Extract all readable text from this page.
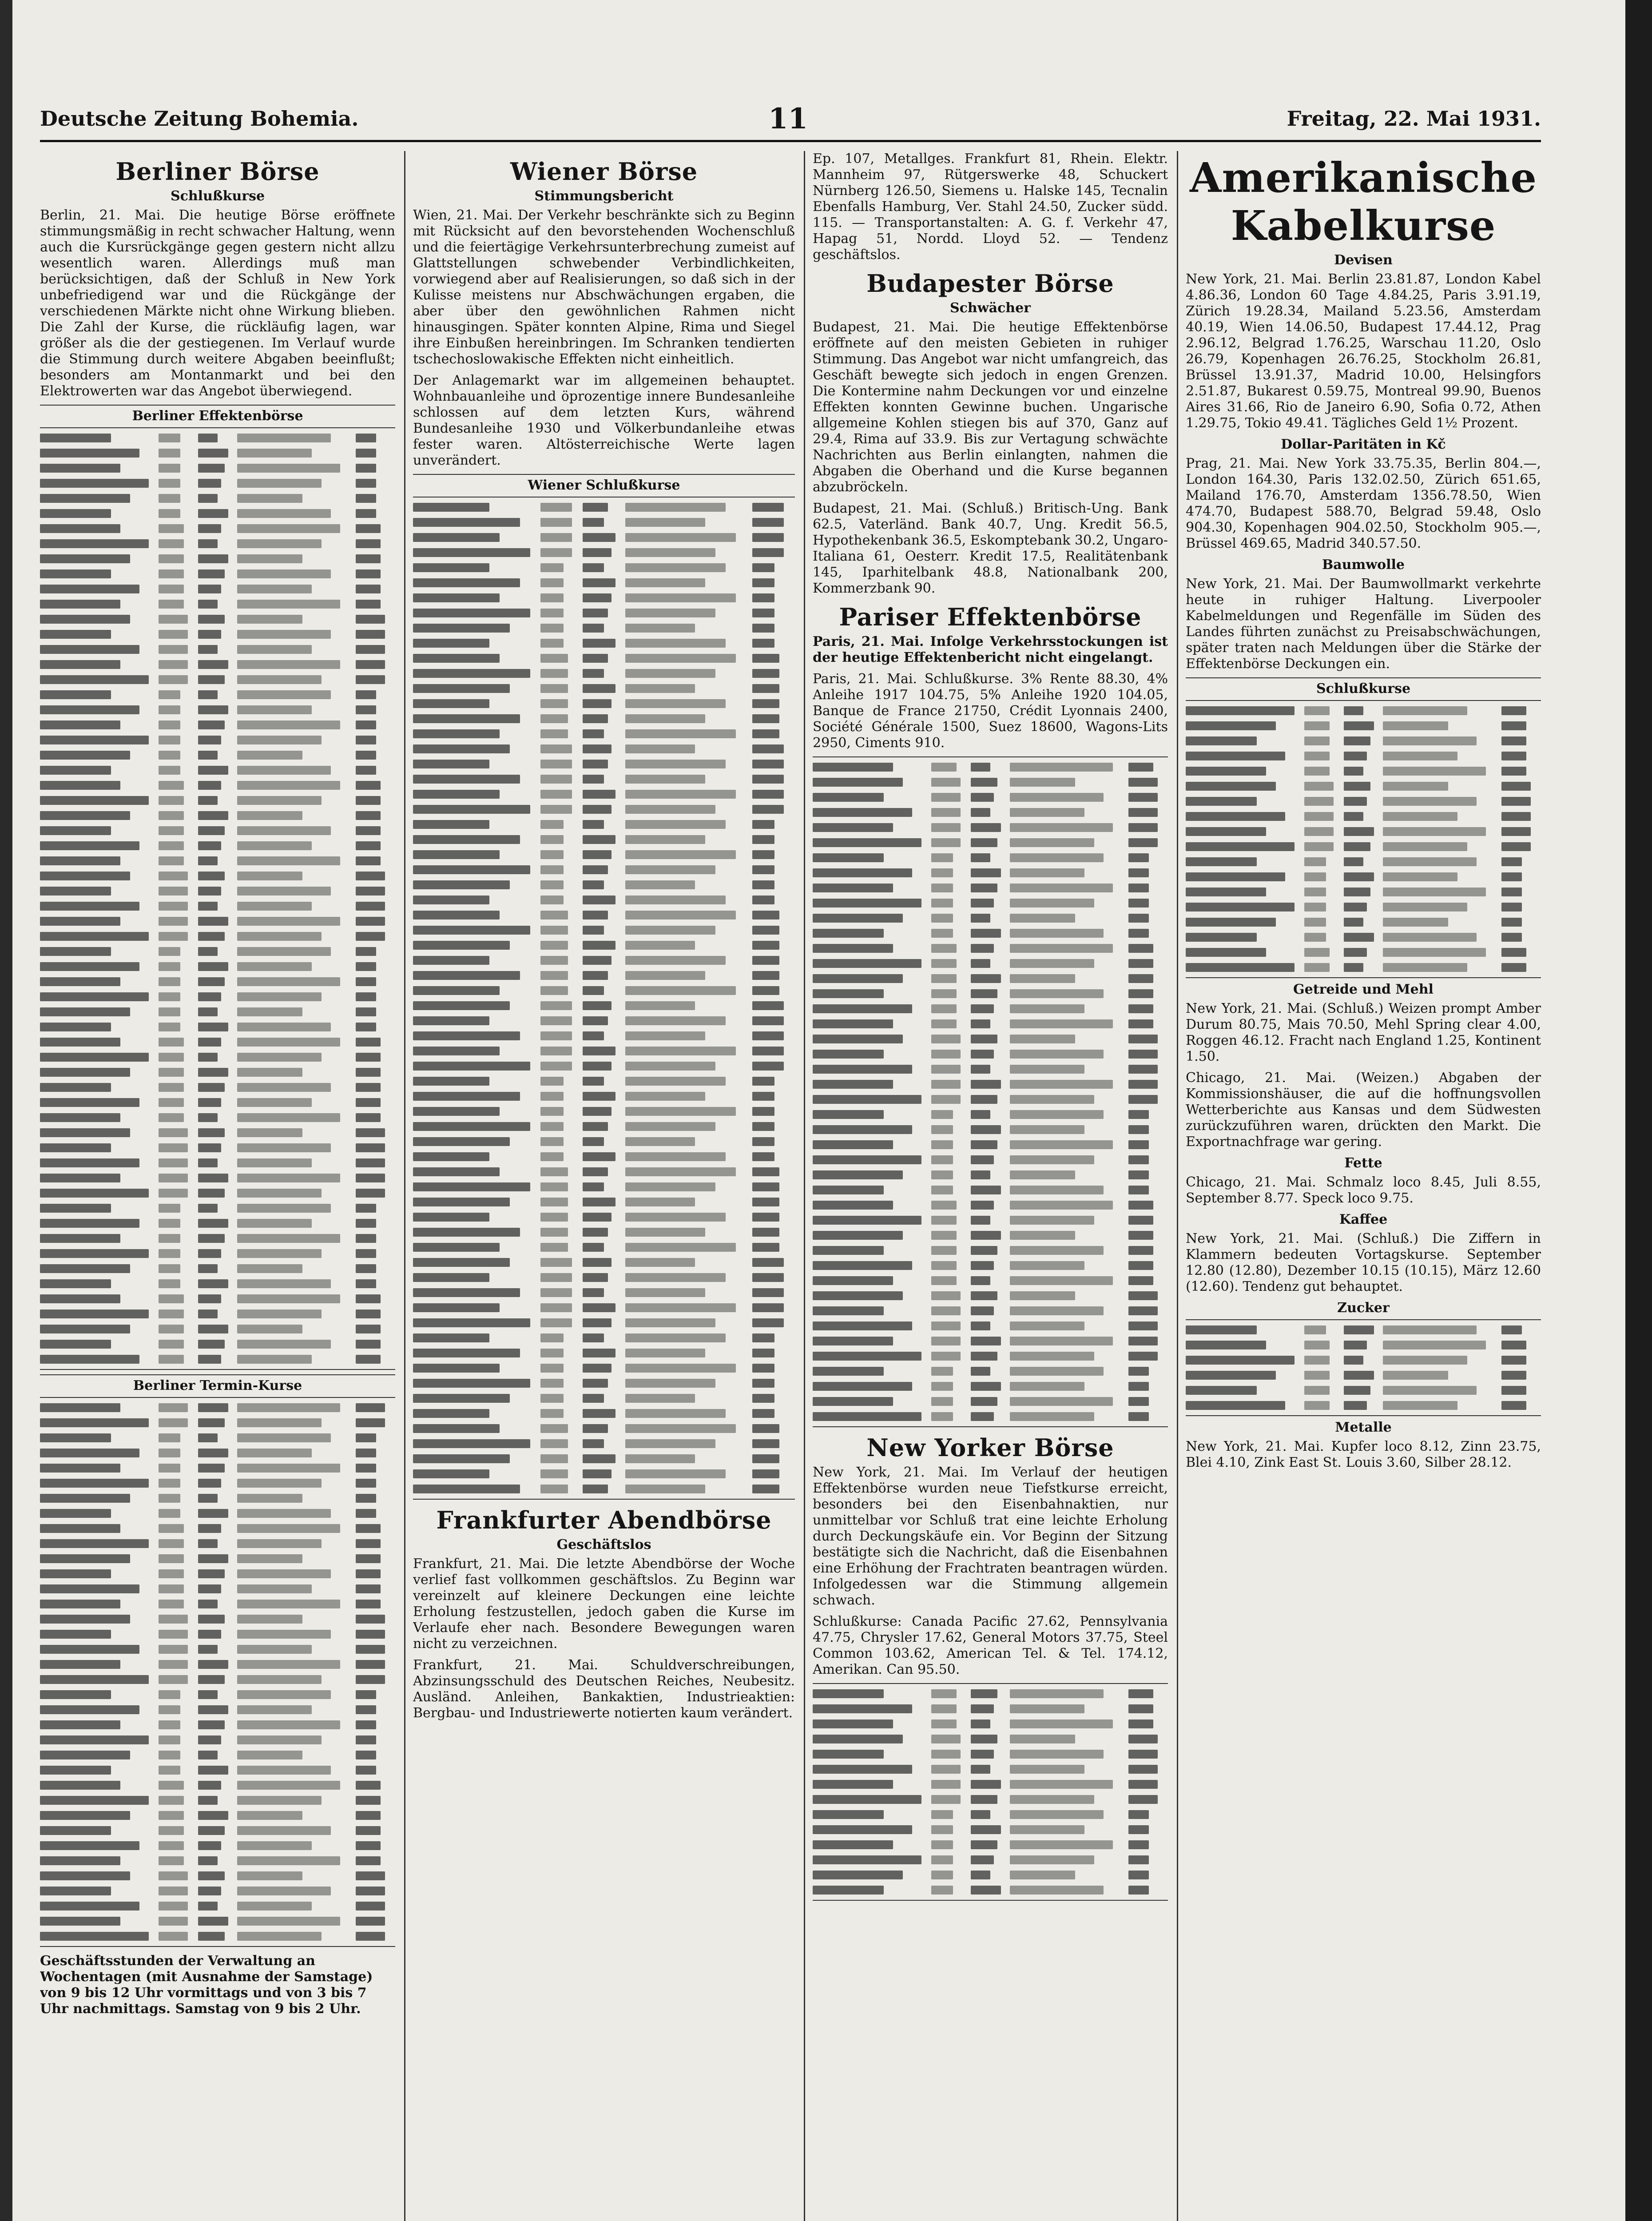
Deutsche Zeitung Bohemia.	11	Freitag, 22. Mai 1931.
Berliner Börse
Schlußkurse

Berlin, 21. Mai. Die heutige Börse eröffnete stimmungsmäßig in recht schwacher Haltung, wenn auch die Kursrückgänge gegen gestern nicht allzu wesentlich waren. Allerdings muß man berücksichtigen, daß der Schluß in New York unbefriedigend war und die Rückgänge der verschiedenen Märkte nicht ohne Wirkung blieben. Die Zahl der Kurse, die rückläufig lagen, war größer als die der gestiegenen. Im Verlauf wurde die Stimmung durch weitere Abgaben beeinflußt; besonders am Montanmarkt und bei den Elektrowerten war das Angebot überwiegend.

Berliner Effektenbörse
Berliner Termin-Kurse
Geschäftsstunden der Verwaltung an Wochentagen (mit Ausnahme der Samstage) von 9 bis 12 Uhr vormittags und von 3 bis 7 Uhr nachmittags. Samstag von 9 bis 2 Uhr.
Wiener Börse
Stimmungsbericht

Wien, 21. Mai. Der Verkehr beschränkte sich zu Beginn mit Rücksicht auf den bevorstehenden Wochenschluß und die feiertägige Verkehrsunterbrechung zumeist auf Glattstellungen schwebender Verbindlichkeiten, vorwiegend aber auf Realisierungen, so daß sich in der Kulisse meistens nur Abschwächungen ergaben, die aber über den gewöhnlichen Rahmen nicht hinausgingen. Später konnten Alpine, Rima und Siegel ihre Einbußen hereinbringen. Im Schranken tendierten tschechoslowakische Effekten nicht einheitlich.

Der Anlagemarkt war im allgemeinen behauptet. Wohnbauanleihe und öprozentige innere Bundesanleihe schlossen auf dem letzten Kurs, während Bundesanleihe 1930 und Völkerbundanleihe etwas fester waren. Altösterreichische Werte lagen unverändert.

Wiener Schlußkurse
Frankfurter Abendbörse
Geschäftslos

Frankfurt, 21. Mai. Die letzte Abendbörse der Woche verlief fast vollkommen geschäftslos. Zu Beginn war vereinzelt auf kleinere Deckungen eine leichte Erholung festzustellen, jedoch gaben die Kurse im Verlaufe eher nach. Besondere Bewegungen waren nicht zu verzeichnen.

Frankfurt, 21. Mai. Schuldverschreibungen, Abzinsungsschuld des Deutschen Reiches, Neubesitz. Ausländ. Anleihen, Bankaktien, Industrieaktien: Bergbau- und Industriewerte notierten kaum verändert.

Ep. 107, Metallges. Frankfurt 81, Rhein. Elektr. Mannheim 97, Rütgerswerke 48, Schuckert Nürnberg 126.50, Siemens u. Halske 145, Tecnalin Ebenfalls Hamburg, Ver. Stahl 24.50, Zucker südd. 115. — Transportanstalten: A. G. f. Verkehr 47, Hapag 51, Nordd. Lloyd 52. — Tendenz geschäftslos.

Budapester Börse
Schwächer

Budapest, 21. Mai. Die heutige Effektenbörse eröffnete auf den meisten Gebieten in ruhiger Stimmung. Das Angebot war nicht umfangreich, das Geschäft bewegte sich jedoch in engen Grenzen. Die Kontermine nahm Deckungen vor und einzelne Effekten konnten Gewinne buchen. Ungarische allgemeine Kohlen stiegen bis auf 370, Ganz auf 29.4, Rima auf 33.9. Bis zur Vertagung schwächte Nachrichten aus Berlin einlangten, nahmen die Abgaben die Oberhand und die Kurse begannen abzubröckeln.

Budapest, 21. Mai. (Schluß.) Britisch-Ung. Bank 62.5, Vaterländ. Bank 40.7, Ung. Kredit 56.5, Hypothekenbank 36.5, Eskomptebank 30.2, Ungaro-Italiana 61, Oesterr. Kredit 17.5, Realitätenbank 145, Iparhitelbank 48.8, Nationalbank 200, Kommerzbank 90.

Pariser Effektenbörse

Paris, 21. Mai. Infolge Verkehrsstockungen ist der heutige Effektenbericht nicht eingelangt.

Paris, 21. Mai. Schlußkurse. 3% Rente 88.30, 4% Anleihe 1917 104.75, 5% Anleihe 1920 104.05, Banque de France 21750, Crédit Lyonnais 2400, Société Générale 1500, Suez 18600, Wagons-Lits 2950, Ciments 910.

New Yorker Börse

New York, 21. Mai. Im Verlauf der heutigen Effektenbörse wurden neue Tiefstkurse erreicht, besonders bei den Eisenbahnaktien, nur unmittelbar vor Schluß trat eine leichte Erholung durch Deckungskäufe ein. Vor Beginn der Sitzung bestätigte sich die Nachricht, daß die Eisenbahnen eine Erhöhung der Frachtraten beantragen würden. Infolgedessen war die Stimmung allgemein schwach.

Schlußkurse: Canada Pacific 27.62, Pennsylvania 47.75, Chrysler 17.62, General Motors 37.75, Steel Common 103.62, American Tel. & Tel. 174.12, Amerikan. Can 95.50.

Amerikanische Kabelkurse
Devisen

New York, 21. Mai. Berlin 23.81.87, London Kabel 4.86.36, London 60 Tage 4.84.25, Paris 3.91.19, Zürich 19.28.34, Mailand 5.23.56, Amsterdam 40.19, Wien 14.06.50, Budapest 17.44.12, Prag 2.96.12, Belgrad 1.76.25, Warschau 11.20, Oslo 26.79, Kopenhagen 26.76.25, Stockholm 26.81, Brüssel 13.91.37, Madrid 10.00, Helsingfors 2.51.87, Bukarest 0.59.75, Montreal 99.90, Buenos Aires 31.66, Rio de Janeiro 6.90, Sofia 0.72, Athen 1.29.75, Tokio 49.41. Tägliches Geld 1½ Prozent.

Dollar-Paritäten in Kč

Prag, 21. Mai. New York 33.75.35, Berlin 804.—, London 164.30, Paris 132.02.50, Zürich 651.65, Mailand 176.70, Amsterdam 1356.78.50, Wien 474.70, Budapest 588.70, Belgrad 59.48, Oslo 904.30, Kopenhagen 904.02.50, Stockholm 905.—, Brüssel 469.65, Madrid 340.57.50.

Baumwolle

New York, 21. Mai. Der Baumwollmarkt verkehrte heute in ruhiger Haltung. Liverpooler Kabelmeldungen und Regenfälle im Süden des Landes führten zunächst zu Preisabschwächungen, später traten nach Meldungen über die Stärke der Effektenbörse Deckungen ein.

Schlußkurse
Getreide und Mehl

New York, 21. Mai. (Schluß.) Weizen prompt Amber Durum 80.75, Mais 70.50, Mehl Spring clear 4.00, Roggen 46.12. Fracht nach England 1.25, Kontinent 1.50.

Chicago, 21. Mai. (Weizen.) Abgaben der Kommissionshäuser, die auf die hoffnungsvollen Wetterberichte aus Kansas und dem Südwesten zurückzuführen waren, drückten den Markt. Die Exportnachfrage war gering.

Fette

Chicago, 21. Mai. Schmalz loco 8.45, Juli 8.55, September 8.77. Speck loco 9.75.

Kaffee

New York, 21. Mai. (Schluß.) Die Ziffern in Klammern bedeuten Vortagskurse. September 12.80 (12.80), Dezember 10.15 (10.15), März 12.60 (12.60). Tendenz gut behauptet.

Zucker
Metalle

New York, 21. Mai. Kupfer loco 8.12, Zinn 23.75, Blei 4.10, Zink East St. Louis 3.60, Silber 28.12.
